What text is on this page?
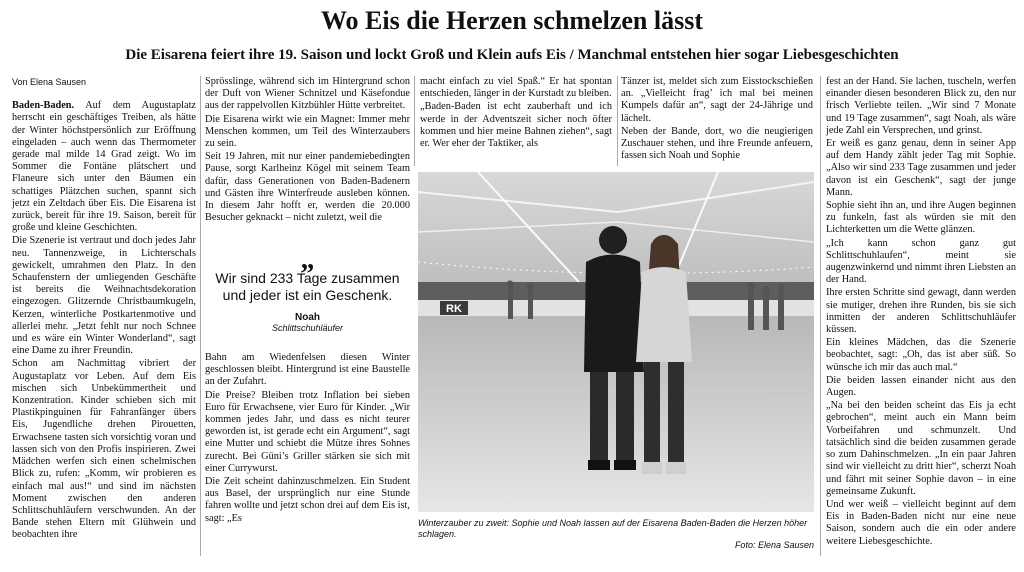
Wo Eis die Herzen schmelzen lässt
Die Eisarena feiert ihre 19. Saison und lockt Groß und Klein aufs Eis / Manchmal entstehen hier sogar Liebesgeschichten

Von Elena Sausen

Baden-Baden. Auf dem Augustaplatz herrscht ein geschäftiges Treiben, als hätte der Winter höchstpersönlich zur Eröffnung eingeladen – auch wenn das Thermometer gerade mal milde 14 Grad zeigt. Wo im Sommer die Fontäne plätschert und Flaneure sich unter den Bäumen ein schattiges Plätzchen suchen, spannt sich jetzt ein Zeltdach über Eis. Die Eisarena ist zurück, bereit für ihre 19. Saison, bereit für große und kleine Geschichten.

Die Szenerie ist vertraut und doch jedes Jahr neu. Tannenzweige, in Lichterschals gewickelt, umrahmen den Platz. In den Schaufenstern der umliegenden Geschäfte ist bereits die Weihnachtsdekoration eingezogen. Glitzernde Christbaumkugeln, Kerzen, winterliche Postkartenmotive und allerlei mehr. „Jetzt fehlt nur noch Schnee und es wäre ein Winter Wonderland“, sagt eine Dame zu ihrer Freundin.

Schon am Nachmittag vibriert der Augustaplatz vor Leben. Auf dem Eis mischen sich Unbekümmertheit und Konzentration. Kinder schieben sich mit Plastikpinguinen für Fahranfänger übers Eis, Jugendliche drehen Pirouetten, Erwachsene tasten sich vorsichtig voran und lassen sich von den Profis inspirieren. Zwei Mädchen werfen sich einen schelmischen Blick zu, rufen: „Komm, wir probieren es einfach mal aus!“ und sind im nächsten Moment zwischen den anderen Schlittschuhläufern verschwunden. An der Bande stehen Eltern mit Glühwein und beobachten ihre

Sprösslinge, während sich im Hintergrund schon der Duft von Wiener Schnitzel und Käsefondue aus der rappelvollen Kitzbühler Hütte verbreitet.

Die Eisarena wirkt wie ein Magnet: Immer mehr Menschen kommen, um Teil des Winterzaubers zu sein.

Seit 19 Jahren, mit nur einer pandemiebedingten Pause, sorgt Karlheinz Kögel mit seinem Team dafür, dass Generationen von Baden-Badenern und Gästen ihre Winterfreude ausleben können. In diesem Jahr hofft er, werden die 20.000 Besucher geknackt – nicht zuletzt, weil die

„
Wir sind 233 Tage zusammen und jeder ist ein Geschenk.
Noah
Schlittschuhläufer

Bahn am Wiedenfelsen diesen Winter geschlossen bleibt. Hintergrund ist eine Baustelle an der Zufahrt.

Die Preise? Bleiben trotz Inflation bei sieben Euro für Erwachsene, vier Euro für Kinder. „Wir kommen jedes Jahr, und dass es nicht teurer geworden ist, ist gerade echt ein Argument“, sagt eine Mutter und schiebt die Mütze ihres Sohnes zurecht. Bei Güni’s Griller stärken sie sich mit einer Currywurst.

Die Zeit scheint dahinzuschmelzen. Ein Student aus Basel, der ursprünglich nur eine Stunde fahren wollte und jetzt schon drei auf dem Eis ist, sagt: „Es

macht einfach zu viel Spaß.“ Er hat spontan entschieden, länger in der Kurstadt zu bleiben.

„Baden-Baden ist echt zauberhaft und ich werde in der Adventszeit sicher noch öfter kommen und hier meine Bahnen ziehen“, sagt er. Wer eher der Taktiker, als

Tänzer ist, meldet sich zum Eisstockschießen an. „Vielleicht frag’ ich mal bei meinen Kumpels dafür an“, sagt der 24-Jährige und lächelt.

Neben der Bande, dort, wo die neugierigen Zuschauer stehen, und ihre Freunde anfeuern, fassen sich Noah und Sophie

fest an der Hand. Sie lachen, tuscheln, werfen einander diesen besonderen Blick zu, den nur frisch Verliebte teilen. „Wir sind 7 Monate und 19 Tage zusammen“, sagt Noah, als wäre jede Zahl ein Versprechen, und grinst.

Er weiß es ganz genau, denn in seiner App auf dem Handy zählt jeder Tag mit Sophie. „Also wir sind 233 Tage zusammen und jeder davon ist ein Geschenk“, sagt der junge Mann.

Sophie sieht ihn an, und ihre Augen beginnen zu funkeln, fast als würden sie mit den Lichterketten um die Wette glänzen.

„Ich kann schon ganz gut Schlittschuhlaufen“, meint sie augenzwinkernd und nimmt ihren Liebsten an der Hand.

Ihre ersten Schritte sind gewagt, dann werden sie mutiger, drehen ihre Runden, bis sie sich inmitten der anderen Schlittschuhläufer küssen.

Ein kleines Mädchen, das die Szenerie beobachtet, sagt: „Oh, das ist aber süß. So wünsche ich mir das auch mal.“

Die beiden lassen einander nicht aus den Augen.

„Na bei den beiden scheint das Eis ja echt gebrochen“, meint auch ein Mann beim Vorbeifahren und schmunzelt. Und tatsächlich sind die beiden zusammen gerade so zum Dahinschmelzen. „In ein paar Jahren sind wir vielleicht zu dritt hier“, scherzt Noah und fährt mit seiner Sophie davon – in eine gemeinsame Zukunft.

Und wer weiß – vielleicht beginnt auf dem Eis in Baden-Baden nicht nur eine neue Saison, sondern auch die ein oder andere weitere Liebesgeschichte.

RK
Winterzauber zu zweit: Sophie und Noah lassen auf der Eisarena Baden-Baden die Herzen höher schlagen.
Foto: Elena Sausen
